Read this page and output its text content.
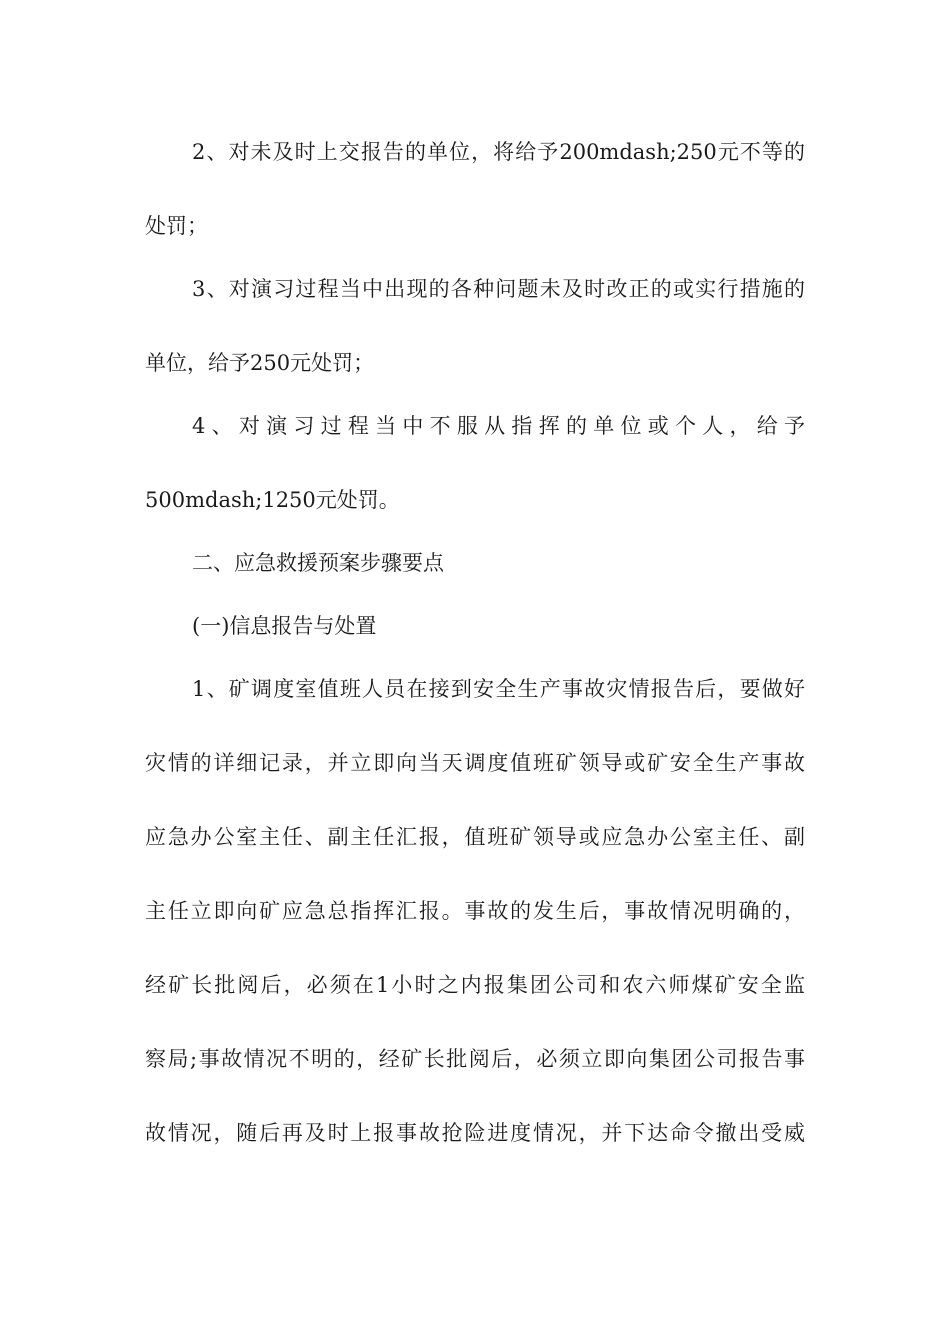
2、对未及时上交报告的单位，将给予200mdash;250元不等的
处罚；
3、对演习过程当中出现的各种问题未及时改正的或实行措施的
单位，给予250元处罚；
4、对演习过程当中不服从指挥的单位或个人，给予
500mdash;1250元处罚。
二、应急救援预案步骤要点
(一)信息报告与处置
1、矿调度室值班人员在接到安全生产事故灾情报告后，要做好
灾情的详细记录，并立即向当天调度值班矿领导或矿安全生产事故
应急办公室主任、副主任汇报，值班矿领导或应急办公室主任、副
主任立即向矿应急总指挥汇报。事故的发生后，事故情况明确的，
经矿长批阅后，必须在1小时之内报集团公司和农六师煤矿安全监
察局;事故情况不明的，经矿长批阅后，必须立即向集团公司报告事
故情况，随后再及时上报事故抢险进度情况，并下达命令撤出受威
